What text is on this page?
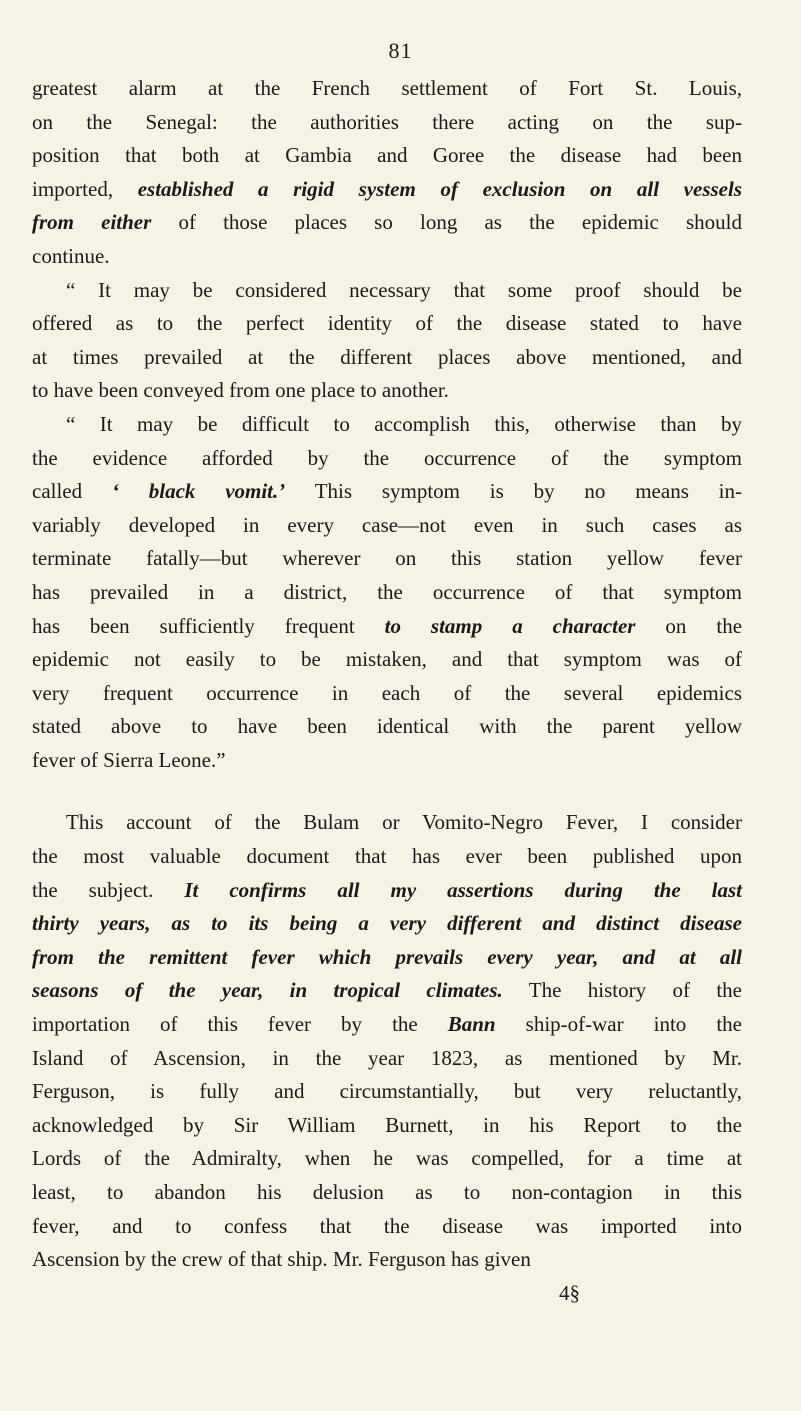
81
greatest alarm at the French settlement of Fort St. Louis,
on the Senegal: the authorities there acting on the sup-
position that both at Gambia and Goree the disease had been
imported, established a rigid system of exclusion on all vessels
from either of those places so long as the epidemic should
continue.
“ It may be considered necessary that some proof should be
offered as to the perfect identity of the disease stated to have
at times prevailed at the different places above mentioned, and
to have been conveyed from one place to another.
“ It may be difficult to accomplish this, otherwise than by
the evidence afforded by the occurrence of the symptom
called ‘ black vomit.’ This symptom is by no means in-
variably developed in every case—not even in such cases as
terminate fatally—but wherever on this station yellow fever
has prevailed in a district, the occurrence of that symptom
has been sufficiently frequent to stamp a character on the
epidemic not easily to be mistaken, and that symptom was of
very frequent occurrence in each of the several epidemics
stated above to have been identical with the parent yellow
fever of Sierra Leone.”
This account of the Bulam or Vomito-Negro Fever, I consider
the most valuable document that has ever been published upon
the subject. It confirms all my assertions during the last
thirty years, as to its being a very different and distinct disease
from the remittent fever which prevails every year, and at all
seasons of the year, in tropical climates. The history of the
importation of this fever by the Bann ship-of-war into the
Island of Ascension, in the year 1823, as mentioned by Mr.
Ferguson, is fully and circumstantially, but very reluctantly,
acknowledged by Sir William Burnett, in his Report to the
Lords of the Admiralty, when he was compelled, for a time at
least, to abandon his delusion as to non-contagion in this
fever, and to confess that the disease was imported into
Ascension by the crew of that ship. Mr. Ferguson has given
4§
